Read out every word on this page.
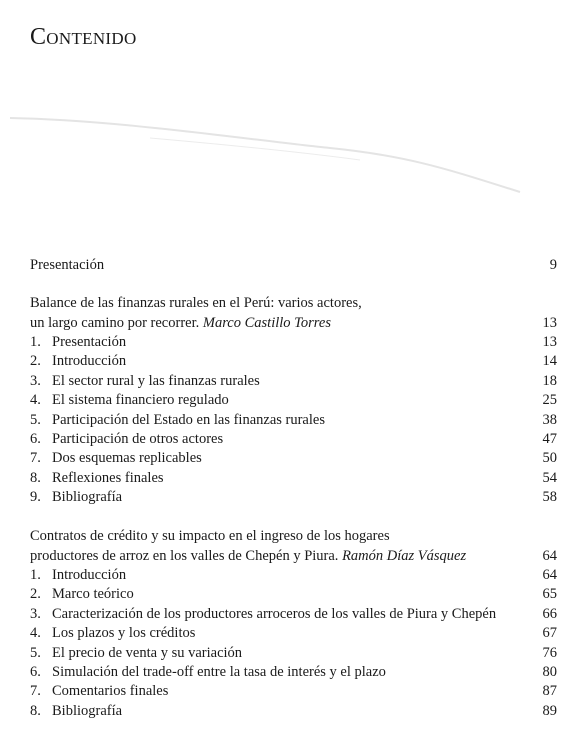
Contenido
Presentación	9
Balance de las finanzas rurales en el Perú: varios actores,
un largo camino por recorrer. Marco Castillo Torres	13
1. Presentación	13
2. Introducción	14
3. El sector rural y las finanzas rurales	18
4. El sistema financiero regulado	25
5. Participación del Estado en las finanzas rurales	38
6. Participación de otros actores	47
7. Dos esquemas replicables	50
8. Reflexiones finales	54
9. Bibliografía	58
Contratos de crédito y su impacto en el ingreso de los hogares
productores de arroz en los valles de Chepén y Piura. Ramón Díaz Vásquez	64
1. Introducción	64
2. Marco teórico	65
3. Caracterización de los productores arroceros de los valles de Piura y Chepén	66
4. Los plazos y los créditos	67
5. El precio de venta y su variación	76
6. Simulación del trade-off entre la tasa de interés y el plazo	80
7. Comentarios finales	87
8. Bibliografía	89
